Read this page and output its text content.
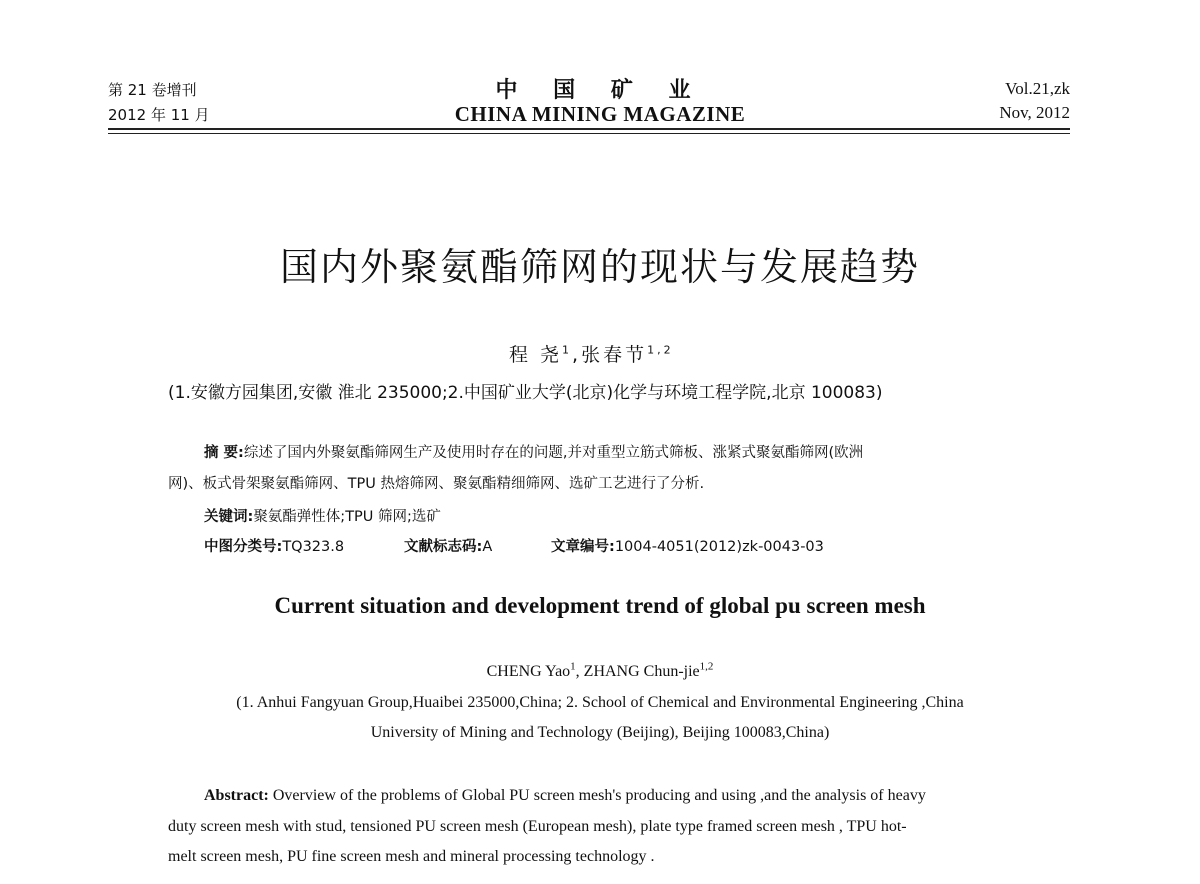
第 21 卷增刊
2012 年 11 月
中 国 矿 业
CHINA MINING MAGAZINE
Vol.21,zk
Nov, 2012
国内外聚氨酯筛网的现状与发展趋势
程 尧$^1$,张春节$^{1,2}$
(1.安徽方园集团,安徽 淮北 235000;2.中国矿业大学(北京)化学与环境工程学院,北京 100083)
摘 要:综述了国内外聚氨酯筛网生产及使用时存在的问题,并对重型立筋式筛板、涨紧式聚氨酯筛网(欧洲
网)、板式骨架聚氨酯筛网、TPU 热熔筛网、聚氨酯精细筛网、选矿工艺进行了分析.
关键词:聚氨酯弹性体;TPU 筛网;选矿
中图分类号:TQ323.8	文献标志码:A	文章编号:1004-4051(2012)zk-0043-03
Current situation and development trend of global pu screen mesh
CHENG Yao$^1$, ZHANG Chun-jie$^{1,2}$
(1. Anhui Fangyuan Group,Huaibei 235000,China; 2. School of Chemical and Environmental Engineering ,China
University of Mining and Technology (Beijing), Beijing 100083,China)
Abstract: Overview of the problems of Global PU screen mesh's producing and using ,and the analysis of heavy
duty screen mesh with stud, tensioned PU screen mesh (European mesh), plate type framed screen mesh , TPU hot-
melt screen mesh, PU fine screen mesh and mineral processing technology .
